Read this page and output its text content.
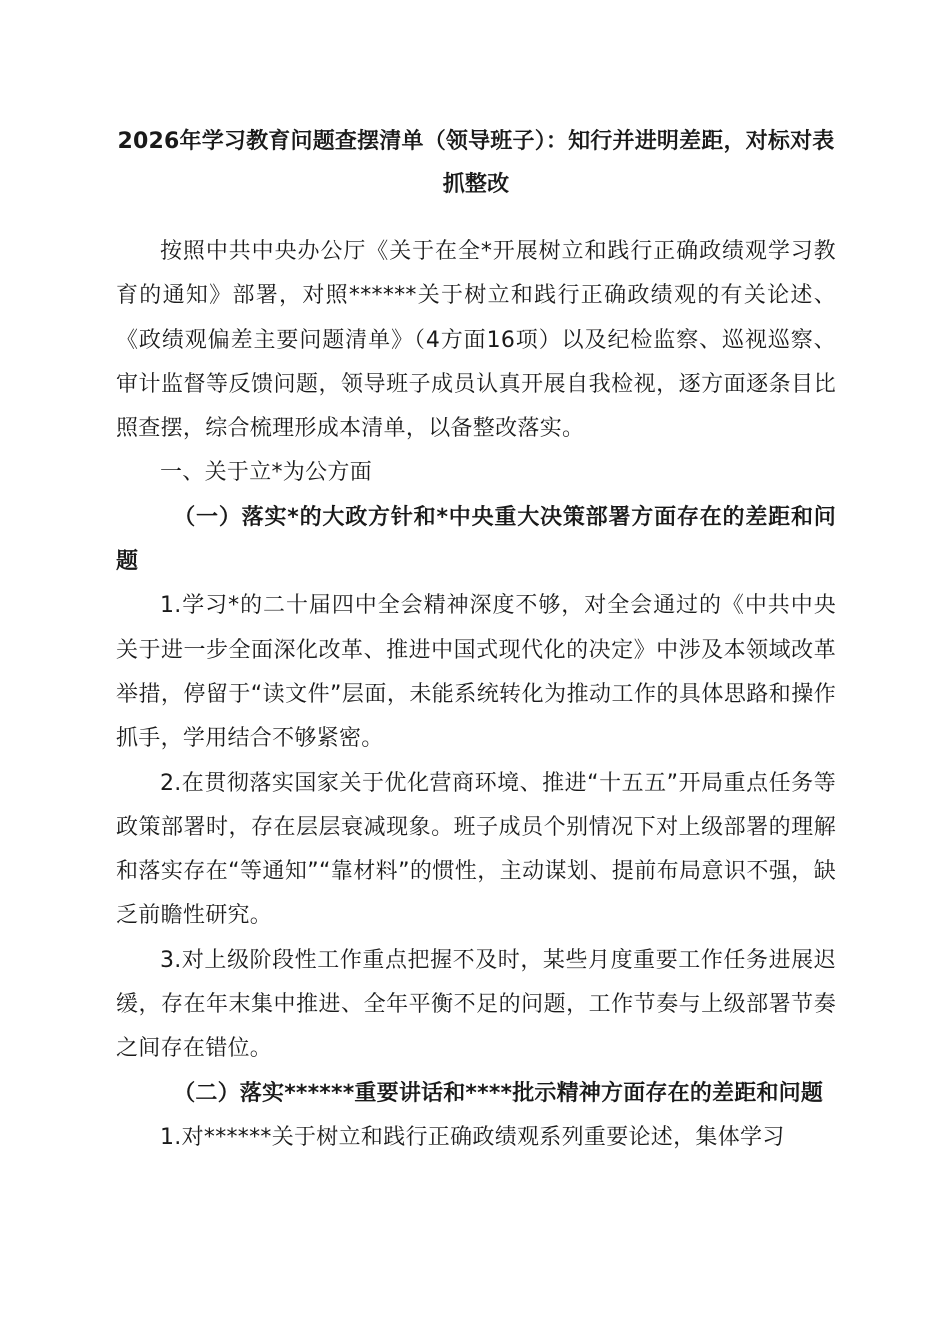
2026年学习教育问题查摆清单（领导班子）：知行并进明差距，对标对表抓整改

按照中共中央办公厅《关于在全*开展树立和践行正确政绩观学习教育的通知》部署，对照******关于树立和践行正确政绩观的有关论述、《政绩观偏差主要问题清单》（4方面16项）以及纪检监察、巡视巡察、审计监督等反馈问题，领导班子成员认真开展自我检视，逐方面逐条目比照查摆，综合梳理形成本清单，以备整改落实。

一、关于立*为公方面

（一）落实*的大政方针和*中央重大决策部署方面存在的差距和问题

1.学习*的二十届四中全会精神深度不够，对全会通过的《中共中央关于进一步全面深化改革、推进中国式现代化的决定》中涉及本领域改革举措，停留于“读文件”层面，未能系统转化为推动工作的具体思路和操作抓手，学用结合不够紧密。

2.在贯彻落实国家关于优化营商环境、推进“十五五”开局重点任务等政策部署时，存在层层衰减现象。班子成员个别情况下对上级部署的理解和落实存在“等通知”“靠材料”的惯性，主动谋划、提前布局意识不强，缺乏前瞻性研究。

3.对上级阶段性工作重点把握不及时，某些月度重要工作任务进展迟缓，存在年末集中推进、全年平衡不足的问题，工作节奏与上级部署节奏之间存在错位。

（二）落实******重要讲话和****批示精神方面存在的差距和问题

1.对******关于树立和践行正确政绩观系列重要论述，集体学习
